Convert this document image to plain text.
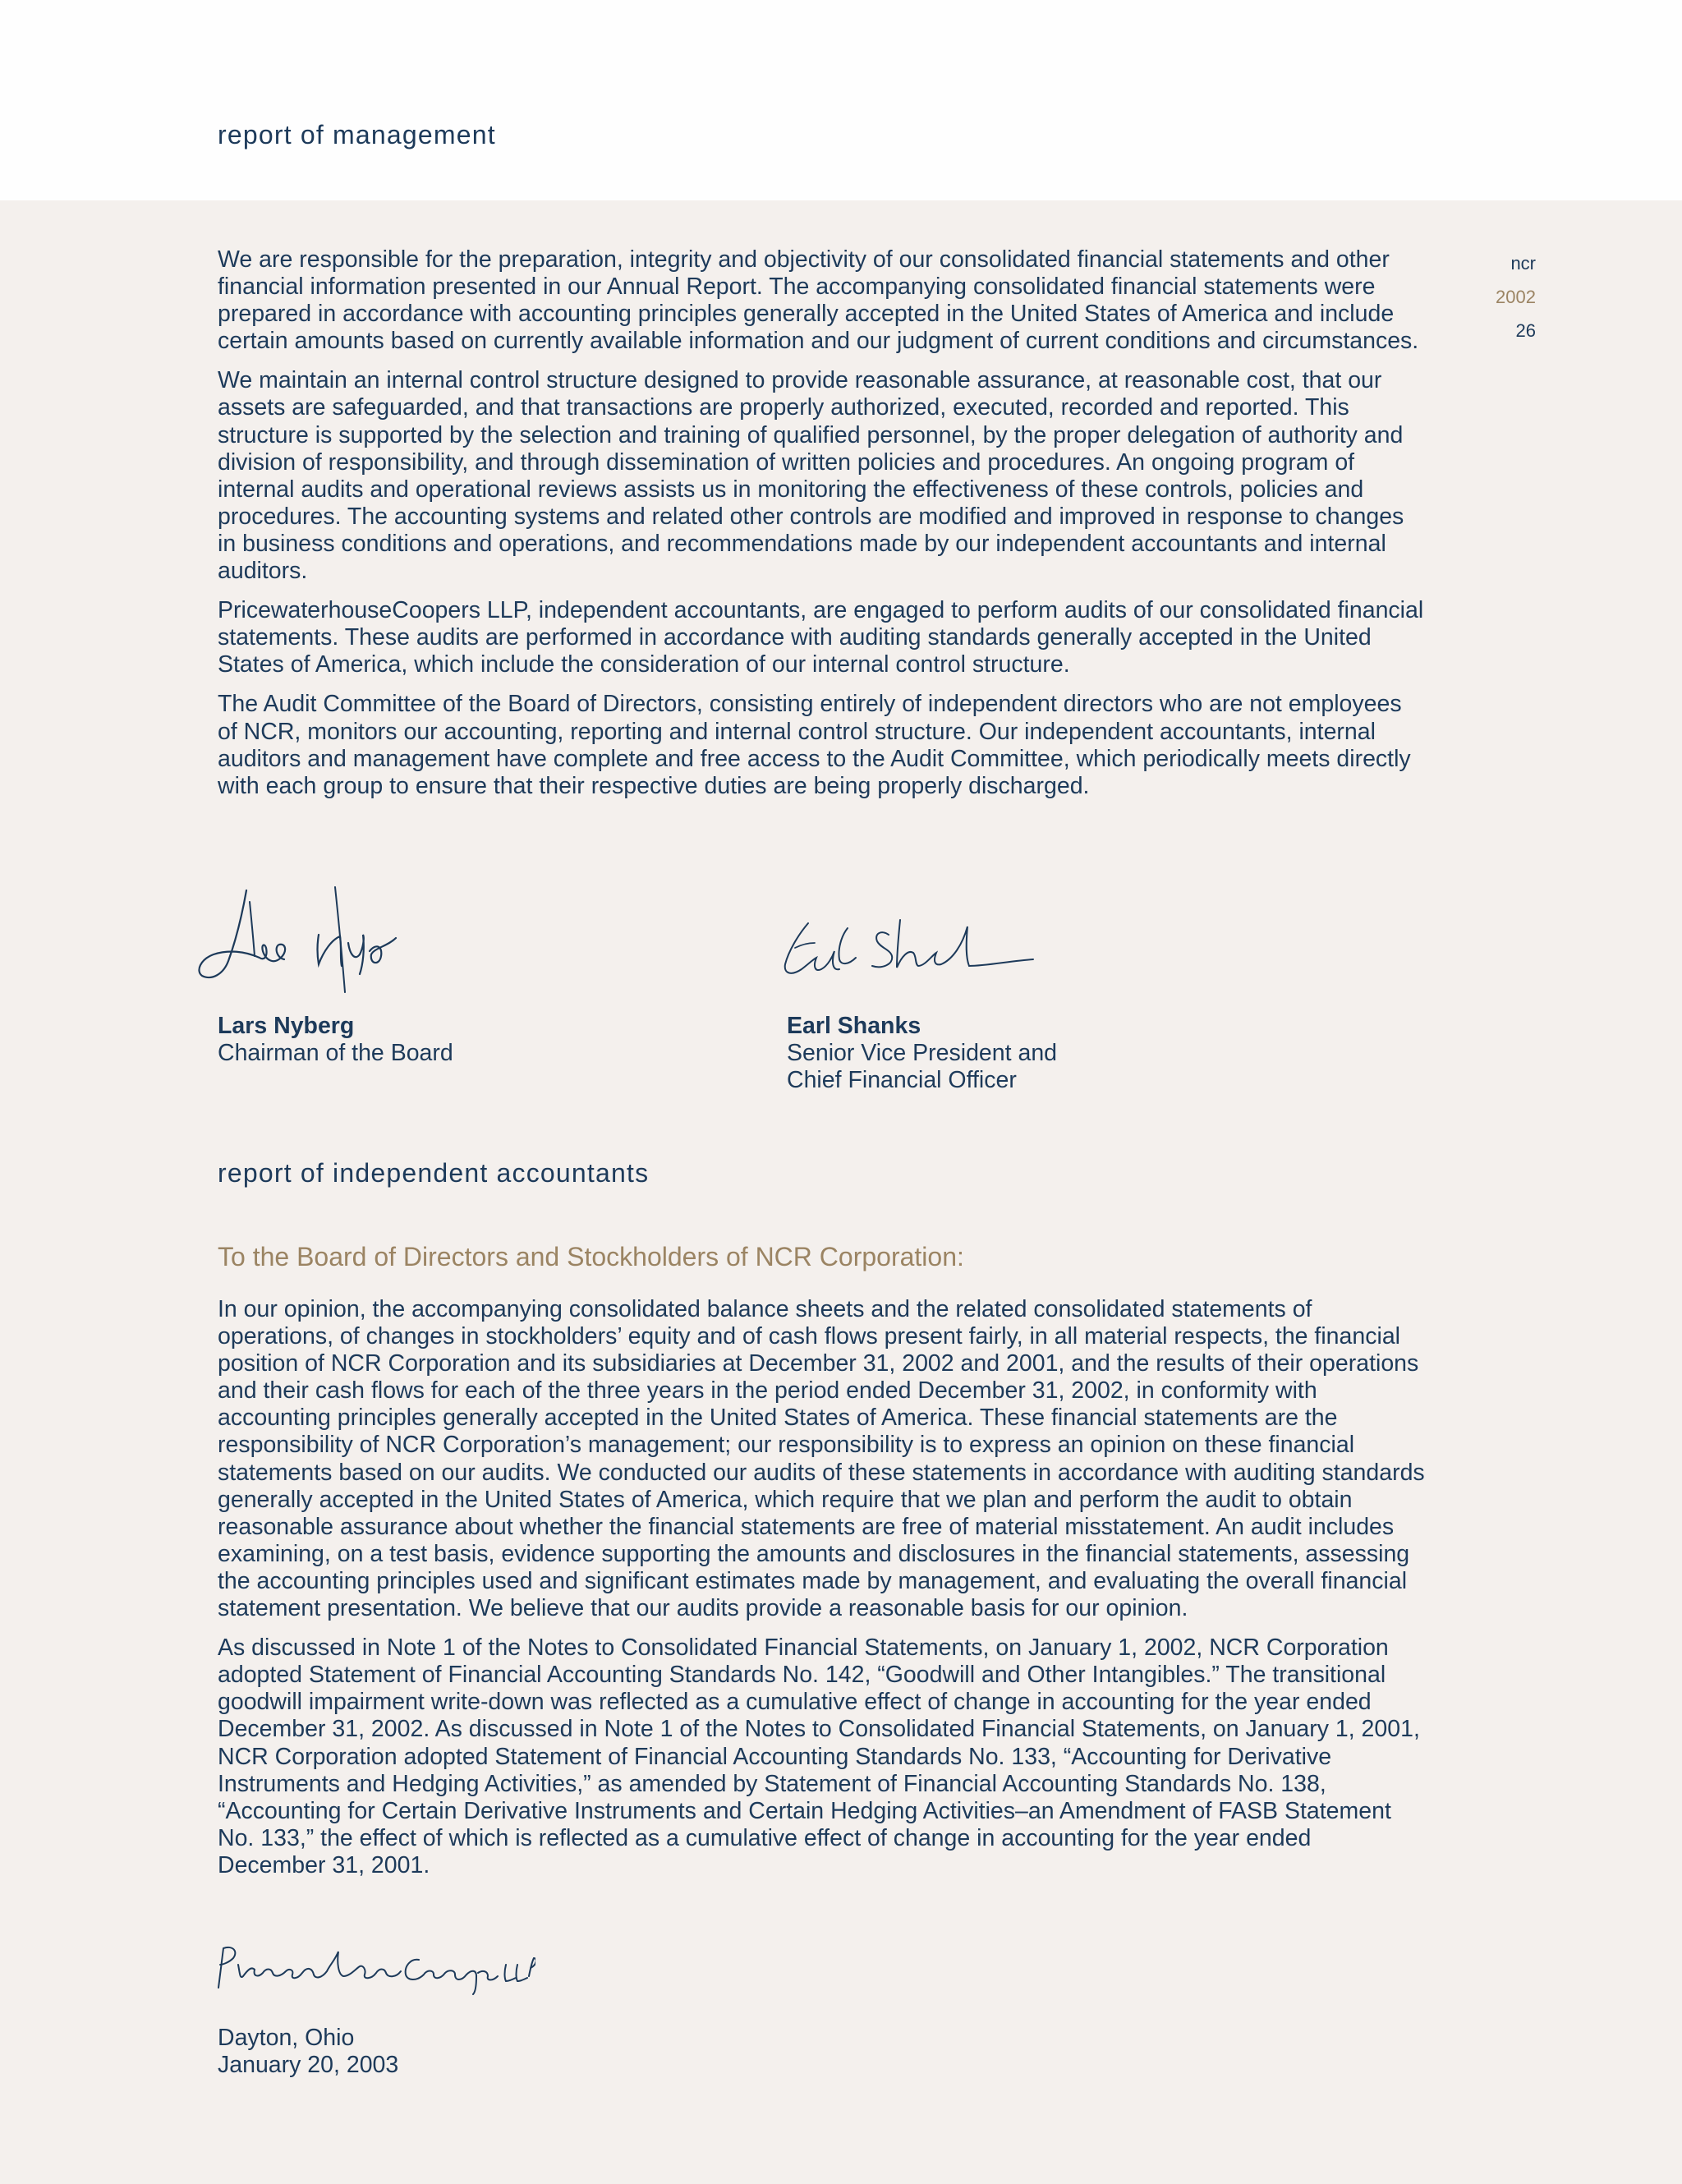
report of management
ncr
2002
26

We are responsible for the preparation, integrity and objectivity of our consolidated financial statements and other financial information presented in our Annual Report. The accompanying consolidated financial statements were prepared in accordance with accounting principles generally accepted in the United States of America and include certain amounts based on currently available information and our judgment of current conditions and circumstances.

We maintain an internal control structure designed to provide reasonable assurance, at reasonable cost, that our assets are safeguarded, and that transactions are properly authorized, executed, recorded and reported. This structure is supported by the selection and training of qualified personnel, by the proper delegation of authority and division of responsibility, and through dissemination of written policies and procedures. An ongoing program of internal audits and operational reviews assists us in monitoring the effectiveness of these controls, policies and procedures. The accounting systems and related other controls are modified and improved in response to changes in business conditions and operations, and recommendations made by our independent accountants and internal auditors.

PricewaterhouseCoopers LLP, independent accountants, are engaged to perform audits of our consolidated financial statements. These audits are performed in accordance with auditing standards generally accepted in the United States of America, which include the consideration of our internal control structure.

The Audit Committee of the Board of Directors, consisting entirely of independent directors who are not employees of NCR, monitors our accounting, reporting and internal control structure. Our independent accountants, internal auditors and management have complete and free access to the Audit Committee, which periodically meets directly with each group to ensure that their respective duties are being properly discharged.

Lars Nyberg
Chairman of the Board
Earl Shanks
Senior Vice President and
Chief Financial Officer
report of independent accountants
To the Board of Directors and Stockholders of NCR Corporation:

In our opinion, the accompanying consolidated balance sheets and the related consolidated statements of operations, of changes in stockholders’ equity and of cash flows present fairly, in all material respects, the financial position of NCR Corporation and its subsidiaries at December 31, 2002 and 2001, and the results of their operations and their cash flows for each of the three years in the period ended December 31, 2002, in conformity with accounting principles generally accepted in the United States of America. These financial statements are the responsibility of NCR Corporation’s management; our responsibility is to express an opinion on these financial statements based on our audits. We conducted our audits of these statements in accordance with auditing standards generally accepted in the United States of America, which require that we plan and perform the audit to obtain reasonable assurance about whether the financial statements are free of material misstatement. An audit includes examining, on a test basis, evidence supporting the amounts and disclosures in the financial statements, assessing the accounting principles used and significant estimates made by management, and evaluating the overall financial statement presentation. We believe that our audits provide a reasonable basis for our opinion.

As discussed in Note 1 of the Notes to Consolidated Financial Statements, on January 1, 2002, NCR Corporation adopted Statement of Financial Accounting Standards No. 142, “Goodwill and Other Intangibles.” The transitional goodwill impairment write-down was reflected as a cumulative effect of change in accounting for the year ended December 31, 2002. As discussed in Note 1 of the Notes to Consolidated Financial Statements, on January 1, 2001, NCR Corporation adopted Statement of Financial Accounting Standards No. 133, “Accounting for Derivative Instruments and Hedging Activities,” as amended by Statement of Financial Accounting Standards No. 138, “Accounting for Certain Derivative Instruments and Certain Hedging Activities–an Amendment of FASB Statement No. 133,” the effect of which is reflected as a cumulative effect of change in accounting for the year ended December 31, 2001.

Dayton, Ohio
January 20, 2003
